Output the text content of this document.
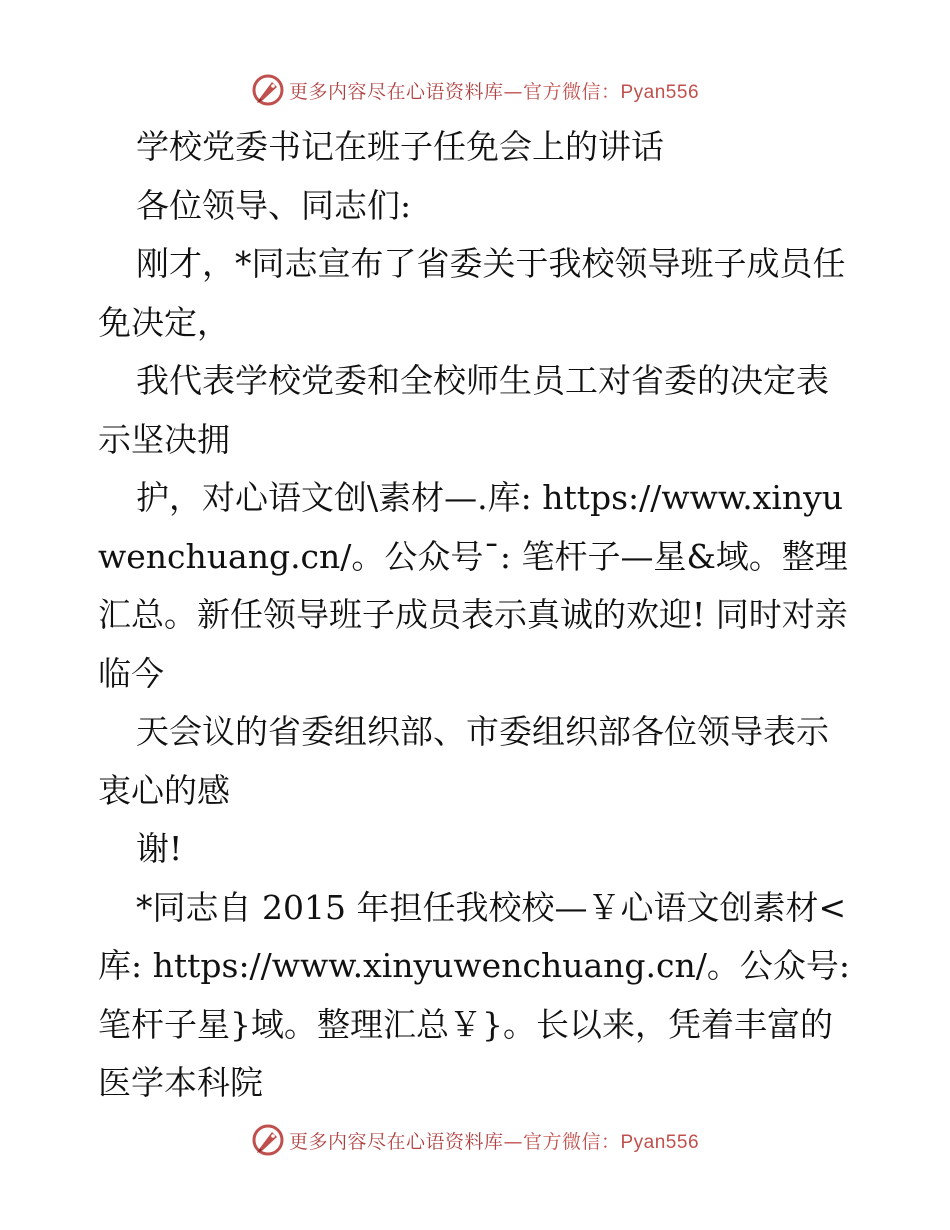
更多内容尽在心语资料库—官方微信：Pyan556

学校党委书记在班子任免会上的讲话

各位领导、同志们:

刚才，*同志宣布了省委关于我校领导班子成员任免决定，

我代表学校党委和全校师生员工对省委的决定表示坚决拥

护，对心语文创\素材—.库: https://www.xinyuwenchuang.cn/。公众号¯: 笔杆子—星&域。整理汇总。新任领导班子成员表示真诚的欢迎! 同时对亲临今

天会议的省委组织部、市委组织部各位领导表示衷心的感

谢!

*同志自 2015 年担任我校校—￥心语文创素材<库: https://www.xinyuwenchuang.cn/。公众号: 笔杆子星}域。整理汇总￥}。长以来，凭着丰富的医学本科院

更多内容尽在心语资料库—官方微信：Pyan556
